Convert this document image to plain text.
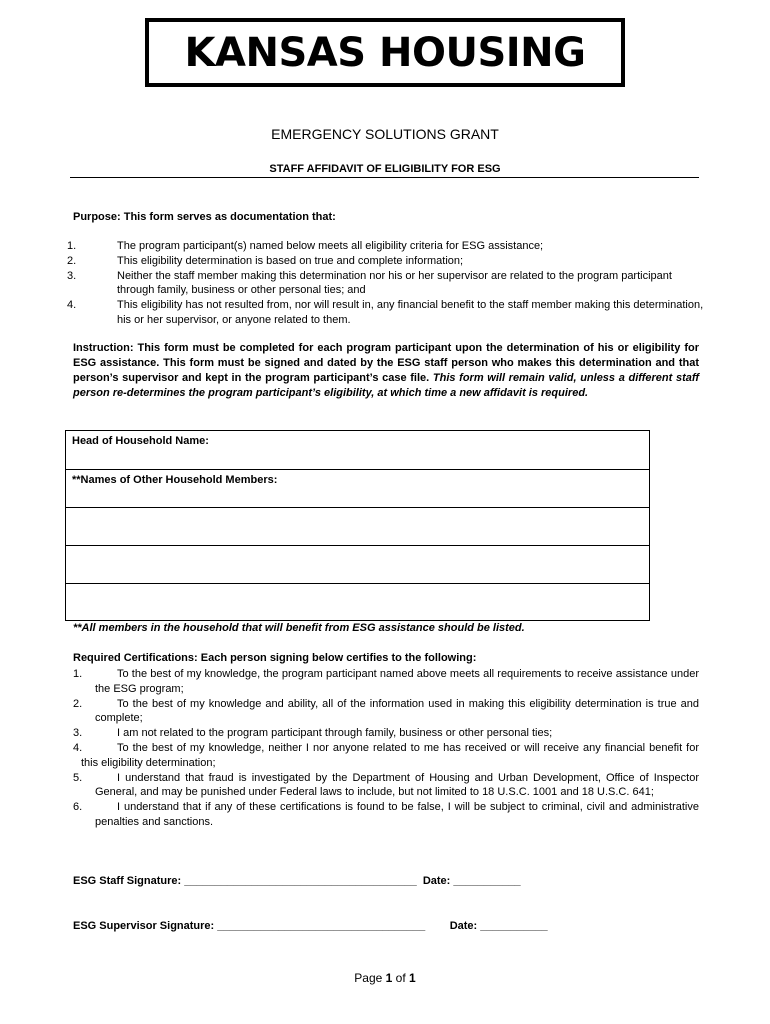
KANSAS HOUSING
EMERGENCY SOLUTIONS GRANT
STAFF AFFIDAVIT OF ELIGIBILITY FOR ESG
Purpose: This form serves as documentation that:
1.	The program participant(s) named below meets all eligibility criteria for ESG assistance;
2.	This eligibility determination is based on true and complete information;
3.	Neither the staff member making this determination nor his or her supervisor are related to the program participant through family, business or other personal ties; and
4.	This eligibility has not resulted from, nor will result in, any financial benefit to the staff member making this determination, his or her supervisor, or anyone related to them.
Instruction: This form must be completed for each program participant upon the determination of his or eligibility for ESG assistance. This form must be signed and dated by the ESG staff person who makes this determination and that person’s supervisor and kept in the program participant’s case file. This form will remain valid, unless a different staff person re-determines the program participant’s eligibility, at which time a new affidavit is required.
Head of Household Name:
**Names of Other Household Members:
**All members in the household that will benefit from ESG assistance should be listed.
Required Certifications: Each person signing below certifies to the following:
1.	To the best of my knowledge, the program participant named above meets all requirements to receive assistance under the ESG program;
2.	To the best of my knowledge and ability, all of the information used in making this eligibility determination is true and complete;
3.	I am not related to the program participant through family, business or other personal ties;
4.	To the best of my knowledge, neither I nor anyone related to me has received or will receive any financial benefit for this eligibility determination;
5.	I understand that fraud is investigated by the Department of Housing and Urban Development, Office of Inspector General, and may be punished under Federal laws to include, but not limited to 18 U.S.C. 1001 and 18 U.S.C. 641;
6.	I understand that if any of these certifications is found to be false, I will be subject to criminal, civil and administrative penalties and sanctions.
ESG Staff Signature: ______________________________________  Date: ___________
ESG Supervisor Signature: __________________________________        Date: ___________
Page 1 of 1
